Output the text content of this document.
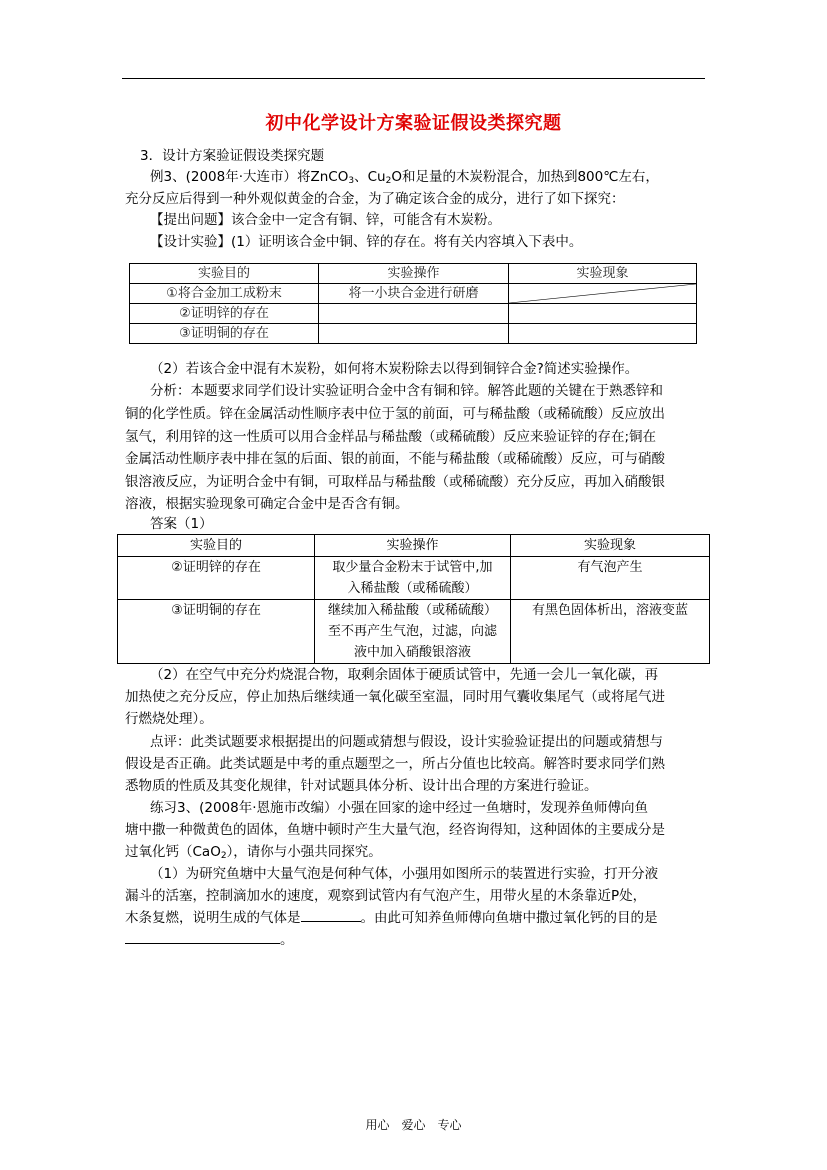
初中化学设计方案验证假设类探究题
3．设计方案验证假设类探究题
例3、(2008年·大连市）将ZnCO$_3$、$Cu_2O$和足量的木炭粉混合，加热到800℃左右，
充分反应后得到一种外观似黄金的合金，为了确定该合金的成分，进行了如下探究：
【提出问题】该合金中一定含有铜、锌，可能含有木炭粉。
【设计实验】(1）证明该合金中铜、锌的存在。将有关内容填入下表中。
实验目的	实验操作	实验现象
①将合金加工成粉末	将一小块合金进行研磨	

②证明锌的存在		
③证明铜的存在		
（2）若该合金中混有木炭粉，如何将木炭粉除去以得到铜锌合金?简述实验操作。
分析：本题要求同学们设计实验证明合金中含有铜和锌。解答此题的关键在于熟悉锌和
铜的化学性质。锌在金属活动性顺序表中位于氢的前面，可与稀盐酸（或稀硫酸）反应放出
氢气，利用锌的这一性质可以用合金样品与稀盐酸（或稀硫酸）反应来验证锌的存在;铜在
金属活动性顺序表中排在氢的后面、银的前面，不能与稀盐酸（或稀硫酸）反应，可与硝酸
银溶液反应，为证明合金中有铜，可取样品与稀盐酸（或稀硫酸）充分反应，再加入硝酸银
溶液，根据实验现象可确定合金中是否含有铜。
答案（1）
实验目的	实验操作	实验现象
②证明锌的存在	取少量合金粉末于试管中,加
入稀盐酸（或稀硫酸）	有气泡产生
③证明铜的存在	继续加入稀盐酸（或稀硫酸）
至不再产生气泡，过滤，向滤
液中加入硝酸银溶液	有黑色固体析出，溶液变蓝
（2）在空气中充分灼烧混合物，取剩余固体于硬质试管中，先通一会儿一氧化碳，再
加热使之充分反应，停止加热后继续通一氧化碳至室温，同时用气囊收集尾气（或将尾气进
行燃烧处理）。
点评：此类试题要求根据提出的问题或猜想与假设，设计实验验证提出的问题或猜想与
假设是否正确。此类试题是中考的重点题型之一，所占分值也比较高。解答时要求同学们熟
悉物质的性质及其变化规律，针对试题具体分析、设计出合理的方案进行验证。
练习3、(2008年·恩施市改编）小强在回家的途中经过一鱼塘时，发现养鱼师傅向鱼
塘中撒一种微黄色的固体，鱼塘中顿时产生大量气泡，经咨询得知，这种固体的主要成分是
过氧化钙（CaO$_2$），请你与小强共同探究。
（1）为研究鱼塘中大量气泡是何种气体，小强用如图所示的装置进行实验，打开分液
漏斗的活塞，控制滴加水的速度，观察到试管内有气泡产生，用带火星的木条靠近P处，
木条复燃，说明生成的气体是	。由此可知养鱼师傅向鱼塘中撒过氧化钙的目的是
。
用心　爱心　专心
